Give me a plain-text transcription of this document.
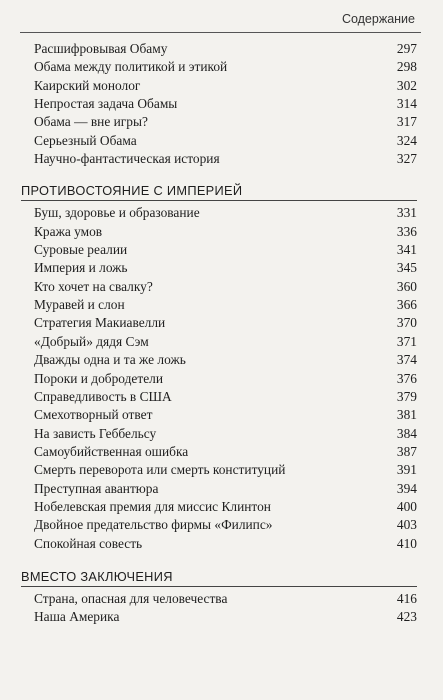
Содержание
Расшифровывая Обаму	297
Обама между политикой и этикой	298
Каирский монолог	302
Непростая задача Обамы	314
Обама — вне игры?	317
Серьезный Обама	324
Научно-фантастическая история	327
ПРОТИВОСТОЯНИЕ С ИМПЕРИЕЙ
Буш, здоровье и образование	331
Кража умов	336
Суровые реалии	341
Империя и ложь	345
Кто хочет на свалку?	360
Муравей и слон	366
Стратегия Макиавелли	370
«Добрый» дядя Сэм	371
Дважды одна и та же ложь	374
Пороки и добродетели	376
Справедливость в США	379
Смехотворный ответ	381
На зависть Геббельсу	384
Самоубийственная ошибка	387
Смерть переворота или смерть конституций	391
Преступная авантюра	394
Нобелевская премия для миссис Клинтон	400
Двойное предательство фирмы «Филипс»	403
Спокойная совесть	410
ВМЕСТО ЗАКЛЮЧЕНИЯ
Страна, опасная для человечества	416
Наша Америка	423
